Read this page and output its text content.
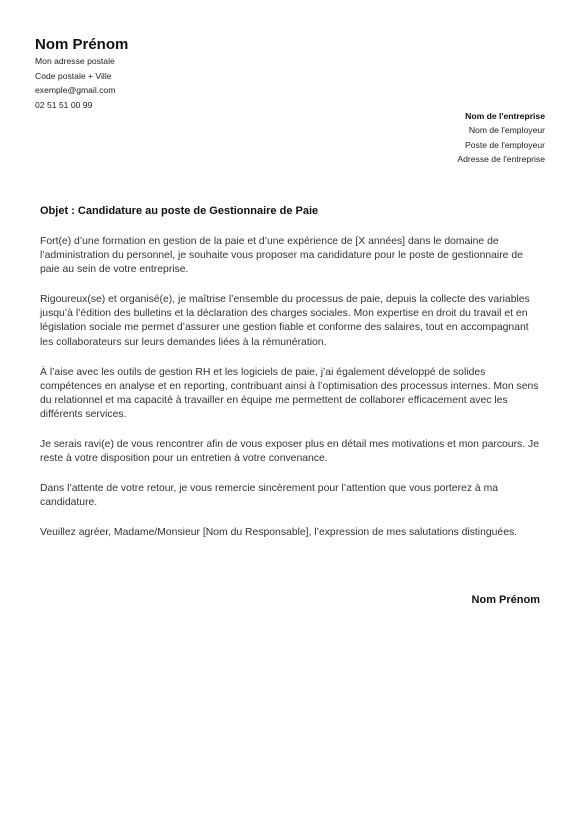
Nom Prénom
Mon adresse postale
Code postale + Ville
exemple@gmail.com
02 51 51 00 99
Nom de l'entreprise
Nom de l'employeur
Poste de l'employeur
Adresse de l'entreprise
Objet : Candidature au poste de Gestionnaire de Paie

Fort(e) d’une formation en gestion de la paie et d’une expérience de [X années] dans le domaine de l’administration du personnel, je souhaite vous proposer ma candidature pour le poste de gestionnaire de paie au sein de votre entreprise.

Rigoureux(se) et organisé(e), je maîtrise l’ensemble du processus de paie, depuis la collecte des variables jusqu’à l’édition des bulletins et la déclaration des charges sociales. Mon expertise en droit du travail et en législation sociale me permet d’assurer une gestion fiable et conforme des salaires, tout en accompagnant les collaborateurs sur leurs demandes liées à la rémunération.

À l’aise avec les outils de gestion RH et les logiciels de paie, j’ai également développé de solides compétences en analyse et en reporting, contribuant ainsi à l’optimisation des processus internes. Mon sens du relationnel et ma capacité à travailler en équipe me permettent de collaborer efficacement avec les différents services.

Je serais ravi(e) de vous rencontrer afin de vous exposer plus en détail mes motivations et mon parcours. Je reste à votre disposition pour un entretien à votre convenance.

Dans l’attente de votre retour, je vous remercie sincèrement pour l’attention que vous porterez à ma candidature.

Veuillez agréer, Madame/Monsieur [Nom du Responsable], l’expression de mes salutations distinguées.

Nom Prénom
